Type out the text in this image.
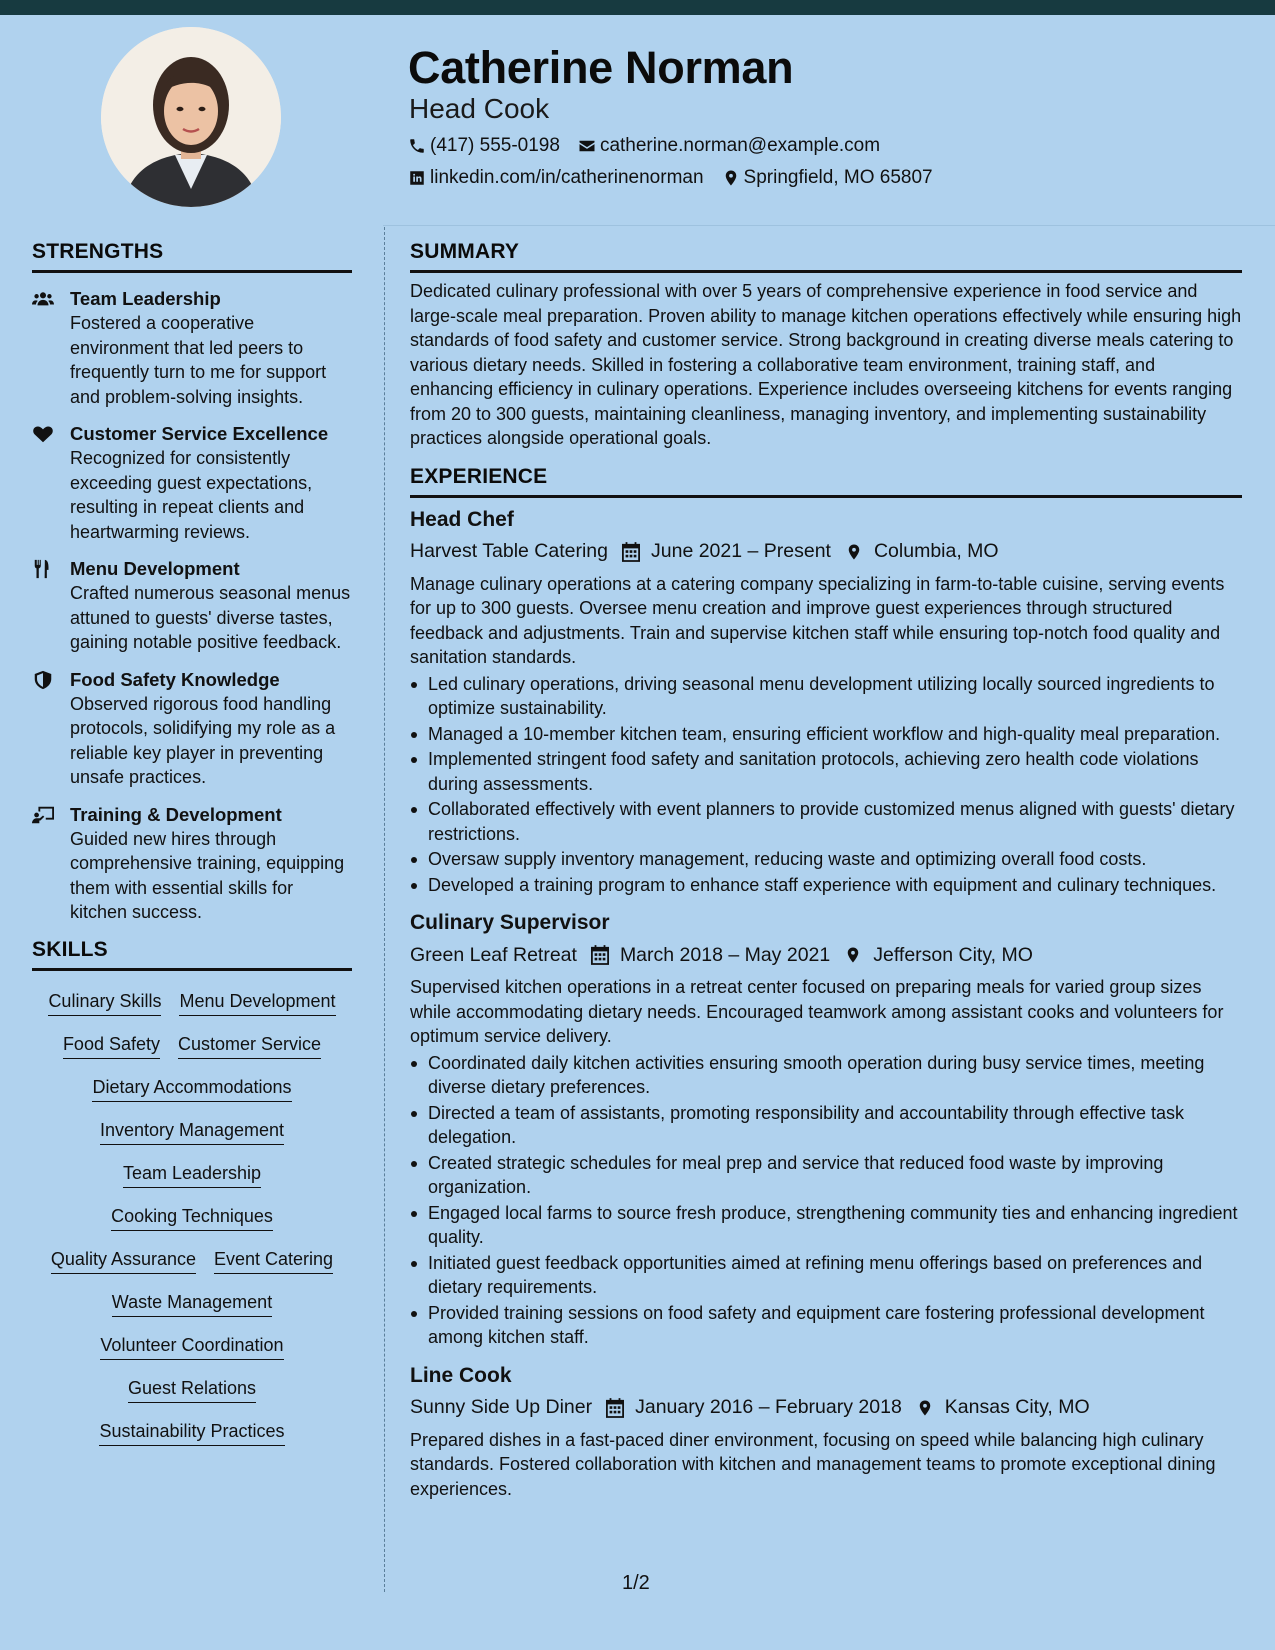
Catherine Norman
Head Cook
(417) 555-0198 catherine.norman@example.com
linkedin.com/in/catherinenorman Springfield, MO 65807
STRENGTHS
Team Leadership
Fostered a cooperative environment that led peers to frequently turn to me for support and problem-solving insights.
Customer Service Excellence
Recognized for consistently exceeding guest expectations, resulting in repeat clients and heartwarming reviews.
Menu Development
Crafted numerous seasonal menus attuned to guests' diverse tastes, gaining notable positive feedback.
Food Safety Knowledge
Observed rigorous food handling protocols, solidifying my role as a reliable key player in preventing unsafe practices.
Training & Development
Guided new hires through comprehensive training, equipping them with essential skills for kitchen success.
SKILLS
Culinary Skills Menu Development
Food Safety Customer Service
Dietary Accommodations
Inventory Management
Team Leadership
Cooking Techniques
Quality Assurance Event Catering
Waste Management
Volunteer Coordination
Guest Relations
Sustainability Practices
SUMMARY

Dedicated culinary professional with over 5 years of comprehensive experience in food service and large-scale meal preparation. Proven ability to manage kitchen operations effectively while ensuring high standards of food safety and customer service. Strong background in creating diverse meals catering to various dietary needs. Skilled in fostering a collaborative team environment, training staff, and enhancing efficiency in culinary operations. Experience includes overseeing kitchens for events ranging from 20 to 300 guests, maintaining cleanliness, managing inventory, and implementing sustainability practices alongside operational goals.

EXPERIENCE
Head Chef
Harvest Table Catering June 2021 – Present Columbia, MO

Manage culinary operations at a catering company specializing in farm-to-table cuisine, serving events for up to 300 guests. Oversee menu creation and improve guest experiences through structured feedback and adjustments. Train and supervise kitchen staff while ensuring top-notch food quality and sanitation standards.

Led culinary operations, driving seasonal menu development utilizing locally sourced ingredients to optimize sustainability.
Managed a 10-member kitchen team, ensuring efficient workflow and high-quality meal preparation.
Implemented stringent food safety and sanitation protocols, achieving zero health code violations during assessments.
Collaborated effectively with event planners to provide customized menus aligned with guests' dietary restrictions.
Oversaw supply inventory management, reducing waste and optimizing overall food costs.
Developed a training program to enhance staff experience with equipment and culinary techniques.
Culinary Supervisor
Green Leaf Retreat March 2018 – May 2021 Jefferson City, MO

Supervised kitchen operations in a retreat center focused on preparing meals for varied group sizes while accommodating dietary needs. Encouraged teamwork among assistant cooks and volunteers for optimum service delivery.

Coordinated daily kitchen activities ensuring smooth operation during busy service times, meeting diverse dietary preferences.
Directed a team of assistants, promoting responsibility and accountability through effective task delegation.
Created strategic schedules for meal prep and service that reduced food waste by improving organization.
Engaged local farms to source fresh produce, strengthening community ties and enhancing ingredient quality.
Initiated guest feedback opportunities aimed at refining menu offerings based on preferences and dietary requirements.
Provided training sessions on food safety and equipment care fostering professional development among kitchen staff.
Line Cook
Sunny Side Up Diner January 2016 – February 2018 Kansas City, MO

Prepared dishes in a fast-paced diner environment, focusing on speed while balancing high culinary standards. Fostered collaboration with kitchen and management teams to promote exceptional dining experiences.

1/2
